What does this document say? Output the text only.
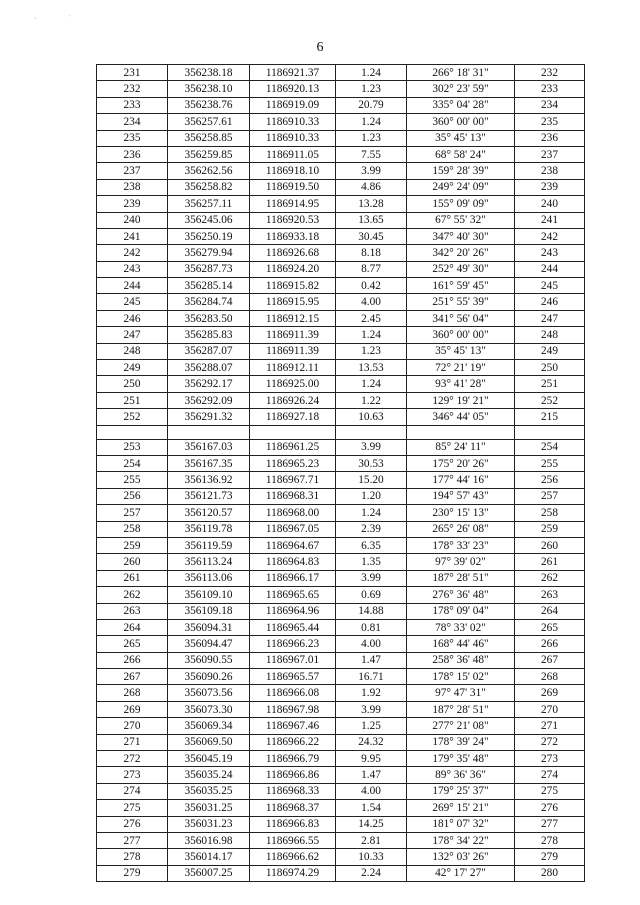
·	ˈ
6
231	356238.18	1186921.37	1.24	266° 18' 31"	232
232	356238.10	1186920.13	1.23	302° 23' 59"	233
233	356238.76	1186919.09	20.79	335° 04' 28"	234
234	356257.61	1186910.33	1.24	360° 00' 00"	235
235	356258.85	1186910.33	1.23	35° 45' 13"	236
236	356259.85	1186911.05	7.55	68° 58' 24"	237
237	356262.56	1186918.10	3.99	159° 28' 39"	238
238	356258.82	1186919.50	4.86	249° 24' 09"	239
239	356257.11	1186914.95	13.28	155° 09' 09"	240
240	356245.06	1186920.53	13.65	67° 55' 32"	241
241	356250.19	1186933.18	30.45	347° 40' 30"	242
242	356279.94	1186926.68	8.18	342° 20' 26"	243
243	356287.73	1186924.20	8.77	252° 49' 30"	244
244	356285.14	1186915.82	0.42	161° 59' 45"	245
245	356284.74	1186915.95	4.00	251° 55' 39"	246
246	356283.50	1186912.15	2.45	341° 56' 04"	247
247	356285.83	1186911.39	1.24	360° 00' 00"	248
248	356287.07	1186911.39	1.23	35° 45' 13"	249
249	356288.07	1186912.11	13.53	72° 21' 19"	250
250	356292.17	1186925.00	1.24	93° 41' 28"	251
251	356292.09	1186926.24	1.22	129° 19' 21"	252
252	356291.32	1186927.18	10.63	346° 44' 05"	215

253	356167.03	1186961.25	3.99	85° 24' 11"	254
254	356167.35	1186965.23	30.53	175° 20' 26"	255
255	356136.92	1186967.71	15.20	177° 44' 16"	256
256	356121.73	1186968.31	1.20	194° 57' 43"	257
257	356120.57	1186968.00	1.24	230° 15' 13"	258
258	356119.78	1186967.05	2.39	265° 26' 08"	259
259	356119.59	1186964.67	6.35	178° 33' 23"	260
260	356113.24	1186964.83	1.35	97° 39' 02"	261
261	356113.06	1186966.17	3.99	187° 28' 51"	262
262	356109.10	1186965.65	0.69	276° 36' 48"	263
263	356109.18	1186964.96	14.88	178° 09' 04"	264
264	356094.31	1186965.44	0.81	78° 33' 02"	265
265	356094.47	1186966.23	4.00	168° 44' 46"	266
266	356090.55	1186967.01	1.47	258° 36' 48"	267
267	356090.26	1186965.57	16.71	178° 15' 02"	268
268	356073.56	1186966.08	1.92	97° 47' 31"	269
269	356073.30	1186967.98	3.99	187° 28' 51"	270
270	356069.34	1186967.46	1.25	277° 21' 08"	271
271	356069.50	1186966.22	24.32	178° 39' 24"	272
272	356045.19	1186966.79	9.95	179° 35' 48"	273
273	356035.24	1186966.86	1.47	89° 36' 36"	274
274	356035.25	1186968.33	4.00	179° 25' 37"	275
275	356031.25	1186968.37	1.54	269° 15' 21"	276
276	356031.23	1186966.83	14.25	181° 07' 32"	277
277	356016.98	1186966.55	2.81	178° 34' 22"	278
278	356014.17	1186966.62	10.33	132° 03' 26"	279
279	356007.25	1186974.29	2.24	42° 17' 27"	280
